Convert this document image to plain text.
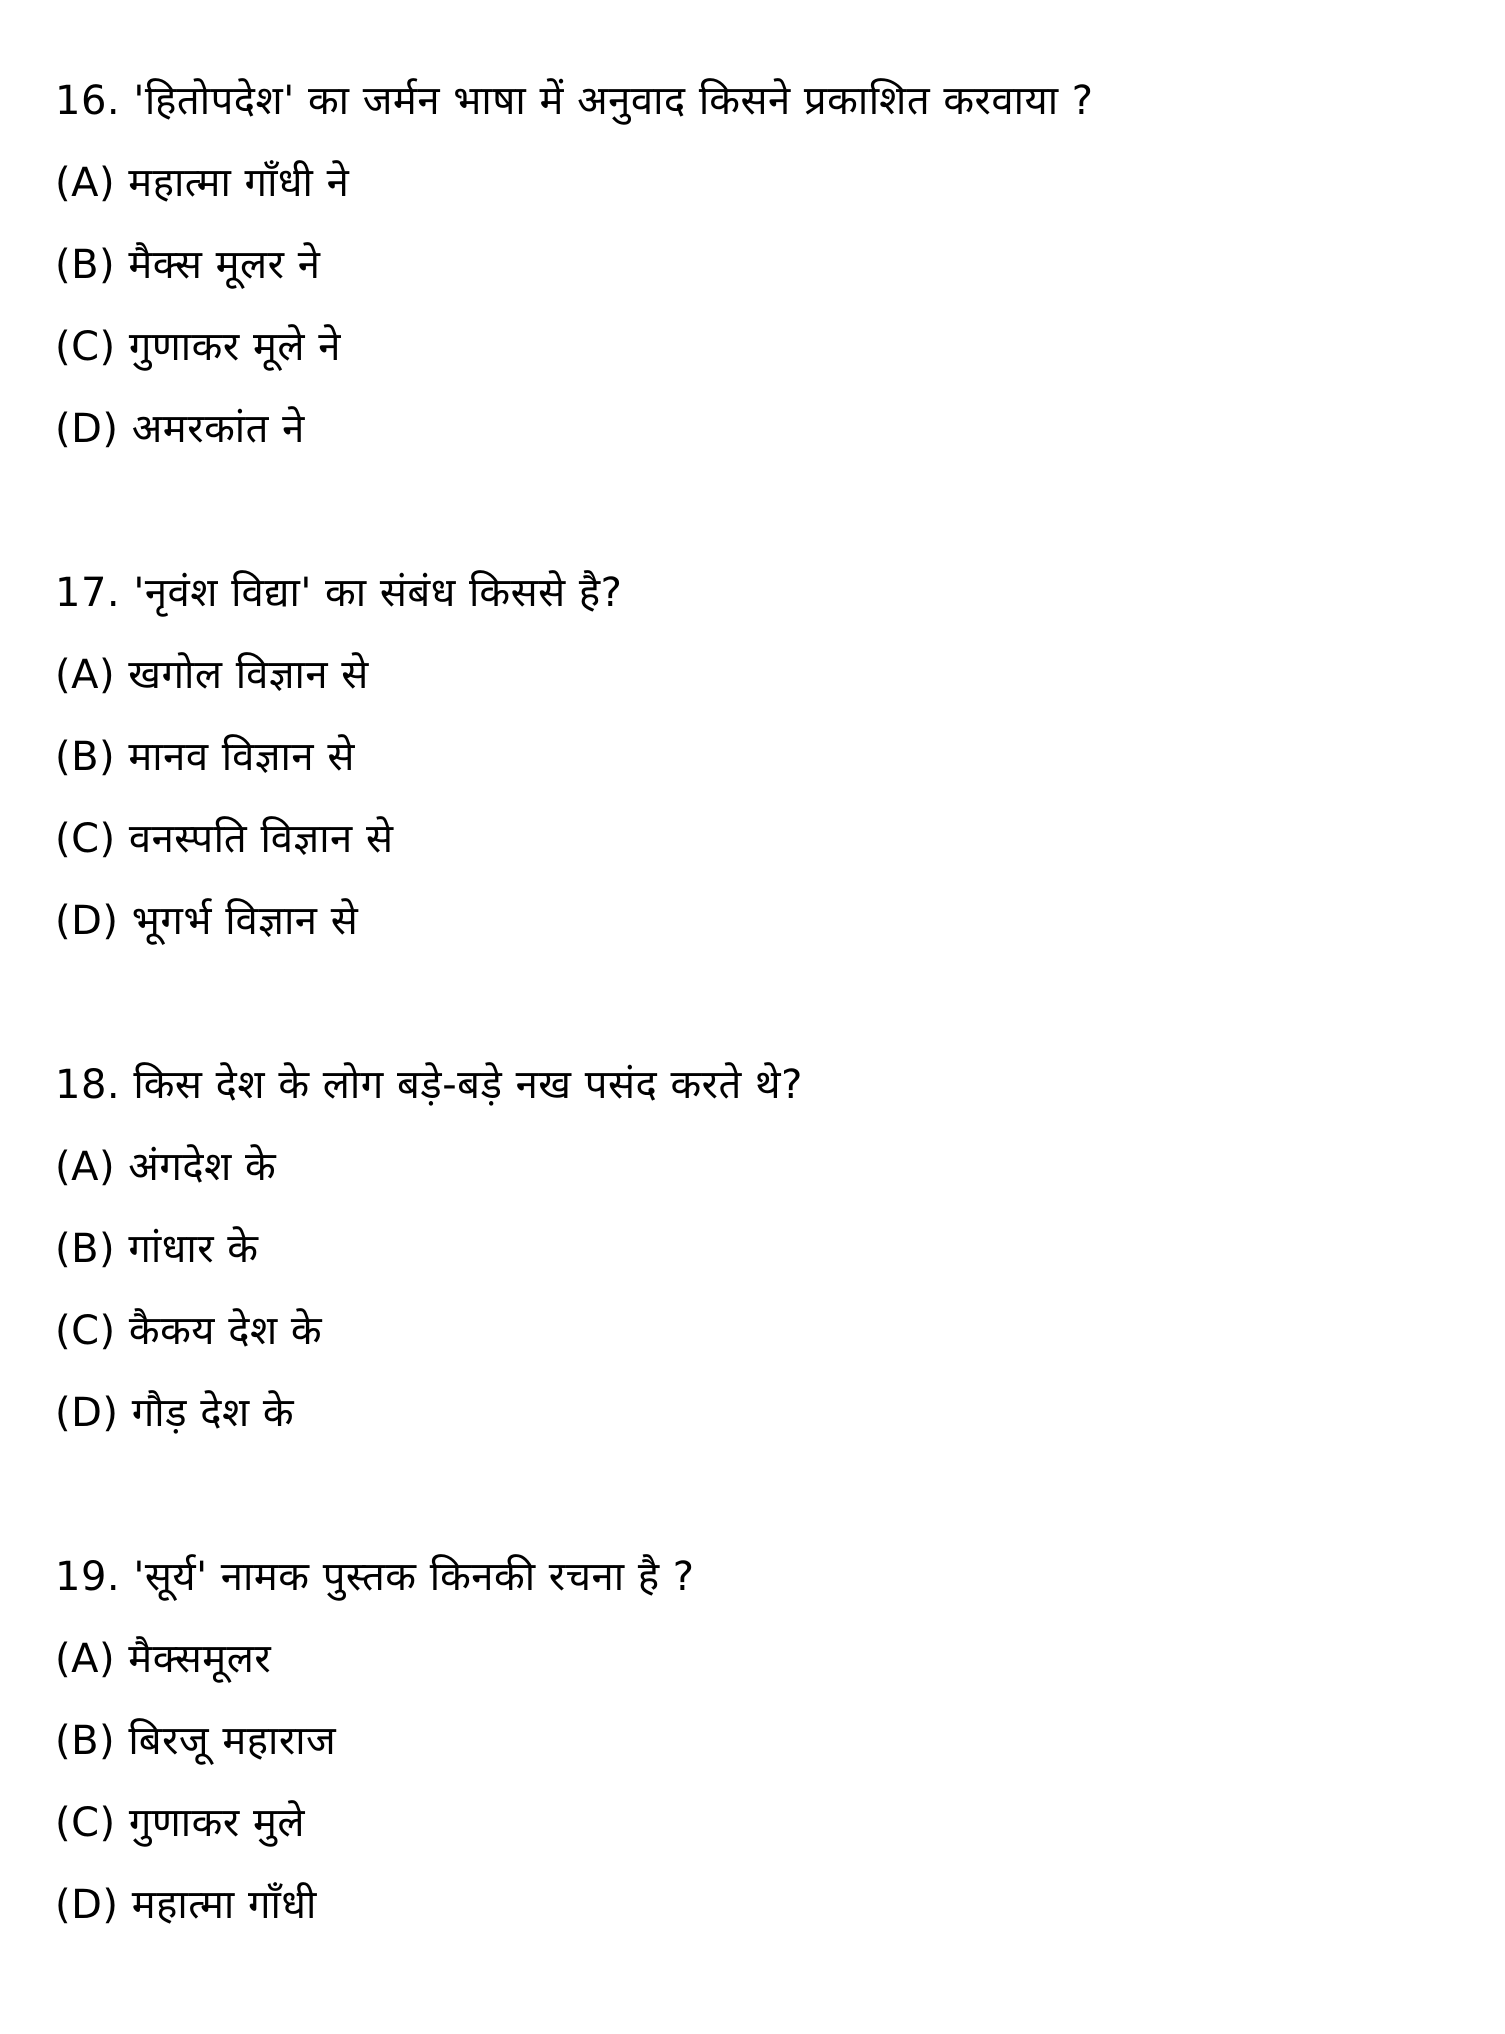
16. 'हितोपदेश' का जर्मन भाषा में अनुवाद किसने प्रकाशित करवाया ?
(A) महात्मा गाँधी ने
(B) मैक्स मूलर ने
(C) गुणाकर मूले ने
(D) अमरकांत ने
17. 'नृवंश विद्या' का संबंध किससे है?
(A) खगोल विज्ञान से
(B) मानव विज्ञान से
(C) वनस्पति विज्ञान से
(D) भूगर्भ विज्ञान से
18. किस देश के लोग बड़े-बड़े नख पसंद करते थे?
(A) अंगदेश के
(B) गांधार के
(C) कैकय देश के
(D) गौड़ देश के
19. 'सूर्य' नामक पुस्तक किनकी रचना है ?
(A) मैक्समूलर
(B) बिरजू महाराज
(C) गुणाकर मुले
(D) महात्मा गाँधी
